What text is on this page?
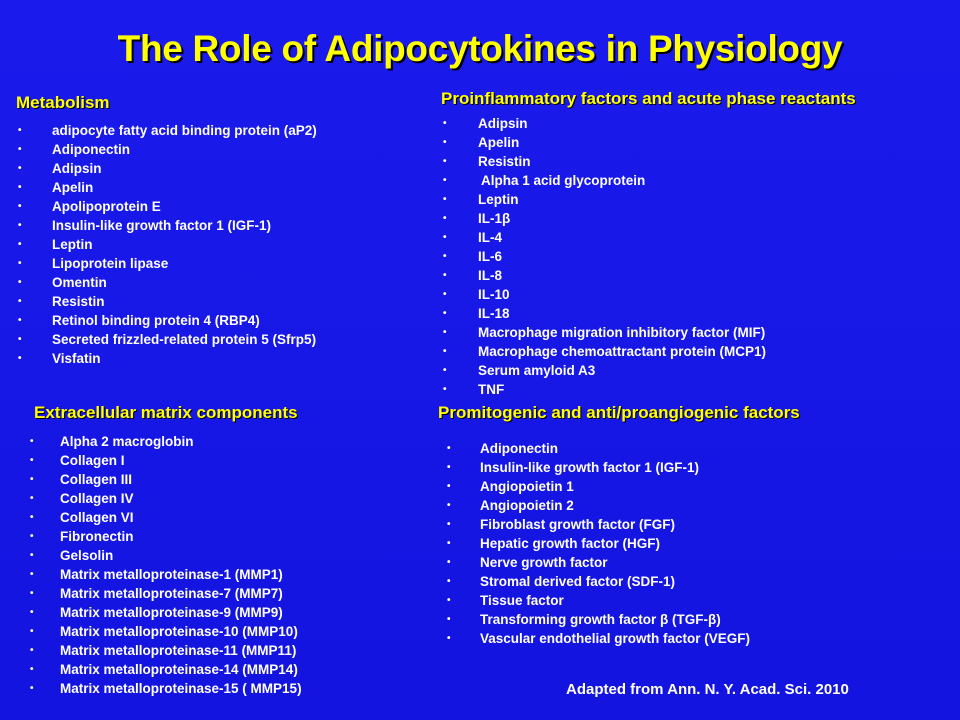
The Role of Adipocytokines in Physiology
Metabolism
• adipocyte fatty acid binding protein (aP2)
• Adiponectin
• Adipsin
• Apelin
• Apolipoprotein E
• Insulin-like growth factor 1 (IGF-1)
• Leptin
• Lipoprotein lipase
• Omentin
• Resistin
• Retinol binding protein 4 (RBP4)
• Secreted frizzled-related protein 5 (Sfrp5)
• Visfatin
Proinflammatory factors and acute phase reactants
• Adipsin
• Apelin
• Resistin
•	Alpha 1 acid glycoprotein
• Leptin
• IL-1β
• IL-4
• IL-6
• IL-8
• IL-10
• IL-18
• Macrophage migration inhibitory factor (MIF)
• Macrophage chemoattractant protein (MCP1)
• Serum amyloid A3
• TNF
Extracellular matrix components
• Alpha 2 macroglobin
• Collagen I
• Collagen III
• Collagen IV
• Collagen VI
• Fibronectin
• Gelsolin
• Matrix metalloproteinase-1 (MMP1)
• Matrix metalloproteinase-7 (MMP7)
• Matrix metalloproteinase-9 (MMP9)
• Matrix metalloproteinase-10 (MMP10)
• Matrix metalloproteinase-11 (MMP11)
• Matrix metalloproteinase-14 (MMP14)
• Matrix metalloproteinase-15 ( MMP15)
Promitogenic and anti/proangiogenic factors
• Adiponectin
• Insulin-like growth factor 1 (IGF-1)
• Angiopoietin 1
• Angiopoietin 2
• Fibroblast growth factor (FGF)
• Hepatic growth factor (HGF)
• Nerve growth factor
• Stromal derived factor (SDF-1)
• Tissue factor
• Transforming growth factor β (TGF-β)
• Vascular endothelial growth factor (VEGF)
Adapted from Ann. N. Y. Acad. Sci. 2010
